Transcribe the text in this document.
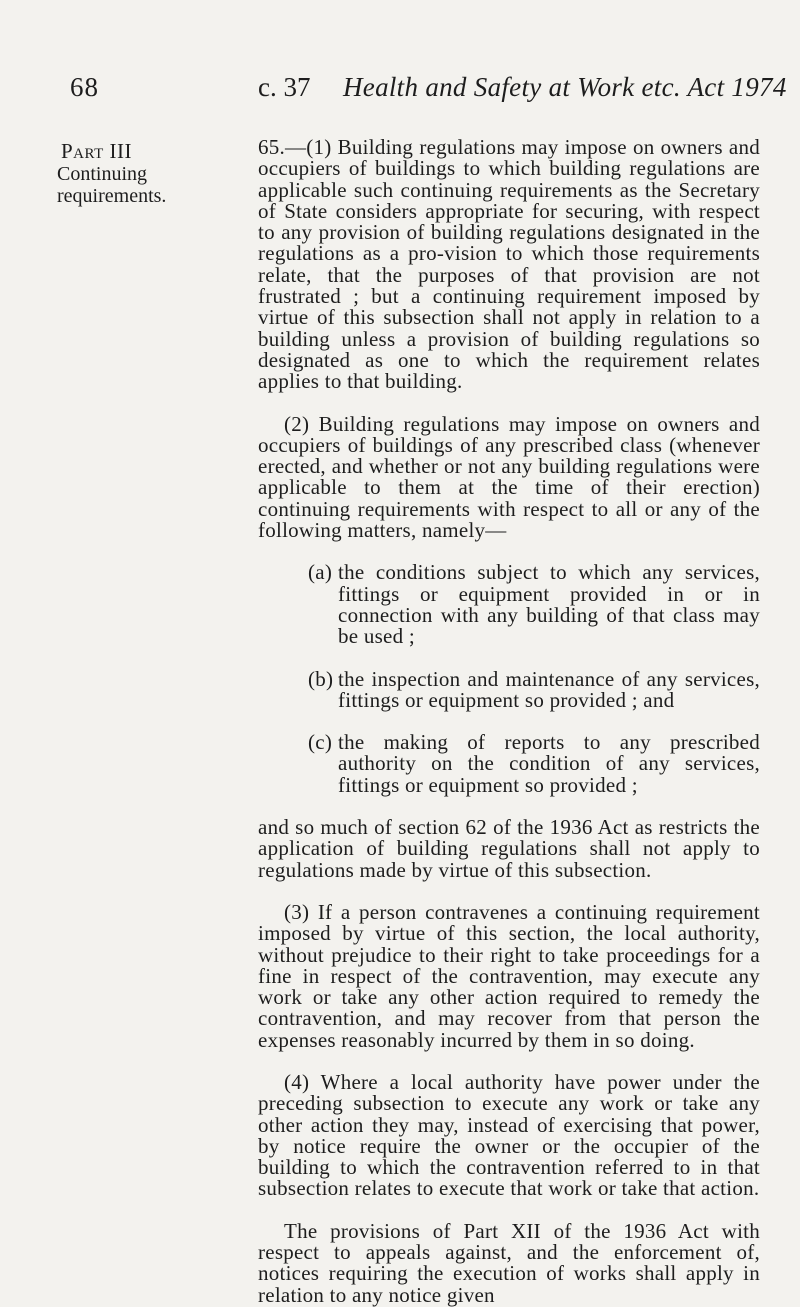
68	c. 37 Health and Safety at Work etc. Act 1974
Part III
Continuing
requirements.

65.—(1) Building regulations may impose on owners and occupiers of buildings to which building regulations are applicable such continuing requirements as the Secretary of State considers appropriate for securing, with respect to any provision of building regulations designated in the regulations as a pro-vision to which those requirements relate, that the purposes of that provision are not frustrated ; but a continuing requirement imposed by virtue of this subsection shall not apply in relation to a building unless a provision of building regulations so designated as one to which the requirement relates applies to that building.

(2) Building regulations may impose on owners and occupiers of buildings of any prescribed class (whenever erected, and whether or not any building regulations were applicable to them at the time of their erection) continuing requirements with respect to all or any of the following matters, namely—

(a) the conditions subject to which any services, fittings or equipment provided in or in connection with any building of that class may be used ;
(b) the inspection and maintenance of any services, fittings or equipment so provided ; and
(c) the making of reports to any prescribed authority on the condition of any services, fittings or equipment so provided ;

and so much of section 62 of the 1936 Act as restricts the application of building regulations shall not apply to regulations made by virtue of this subsection.

(3) If a person contravenes a continuing requirement imposed by virtue of this section, the local authority, without prejudice to their right to take proceedings for a fine in respect of the contravention, may execute any work or take any other action required to remedy the contravention, and may recover from that person the expenses reasonably incurred by them in so doing.

(4) Where a local authority have power under the preceding subsection to execute any work or take any other action they may, instead of exercising that power, by notice require the owner or the occupier of the building to which the contravention referred to in that subsection relates to execute that work or take that action.

The provisions of Part XII of the 1936 Act with respect to appeals against, and the enforcement of, notices requiring the execution of works shall apply in relation to any notice given
